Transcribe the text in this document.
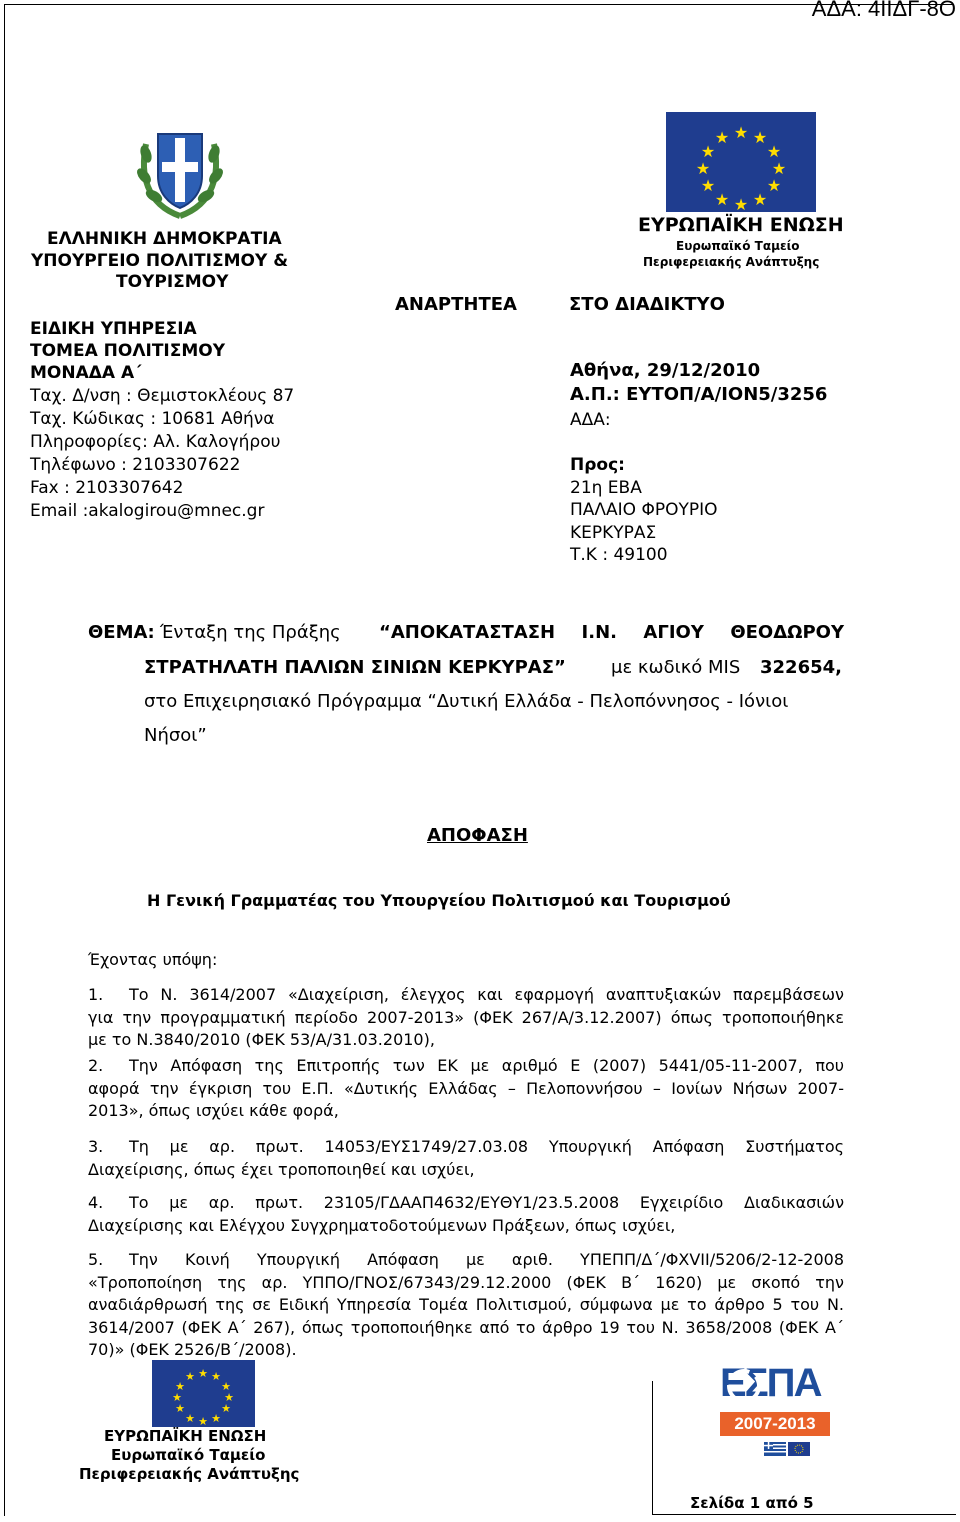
ΑΔΑ: 4ΙΙΔΓ-8Ο
ΕΛΛΗΝΙΚΗ ΔΗΜΟΚΡΑΤΙΑ
ΥΠΟΥΡΓΕΙΟ ΠΟΛΙΤΙΣΜΟΥ &
ΤΟΥΡΙΣΜΟΥ
ΕΙΔΙΚΗ ΥΠΗΡΕΣΙΑ
ΤΟΜΕΑ ΠΟΛΙΤΙΣΜΟΥ
ΜΟΝΑΔΑ Α΄
Ταχ. Δ/νση : Θεμιστοκλέους 87
Ταχ. Κώδικας : 10681 Αθήνα
Πληροφορίες: Αλ. Καλογήρου
Τηλέφωνο : 2103307622
Fax : 2103307642
Email :akalogirou@mnec.gr
★ ★
★
★
★
★
★
★
★
★
★
★
ΕΥΡΩΠΑΪΚΗ ΕΝΩΣΗ
Ευρωπαϊκό Ταμείο
Περιφερειακής Ανάπτυξης
ΑΝΑΡΤΗΤΕΑ	ΣΤΟ ΔΙΑΔΙΚΤΥΟ
Αθήνα, 29/12/2010
Α.Π.: ΕΥΤΟΠ/Α/ΙΟΝ5/3256
ΑΔΑ:
Προς:
21η ΕΒΑ
ΠΑΛΑΙΟ ΦΡΟΥΡΙΟ
ΚΕΡΚΥΡΑΣ
Τ.Κ : 49100
ΘΕΜΑ: Ένταξη της Πράξης “ΑΠΟΚΑΤΑΣΤΑΣΗ Ι.Ν. ΑΓΙΟΥ ΘΕΟΔΩΡΟΥ
ΣΤΡΑΤΗΛΑΤΗ ΠΑΛΙΩΝ ΣΙΝΙΩΝ ΚΕΡΚΥΡΑΣ”	με κωδικό MIS 322654,
στο Επιχειρησιακό Πρόγραμμα “Δυτική Ελλάδα - Πελοπόννησος - Ιόνιοι
Νήσοι”
ΑΠΟΦΑΣΗ
Η Γενική Γραμματέας του Υπουργείου Πολιτισμού και Τουρισμού
Έχοντας υπόψη:
1. Το Ν. 3614/2007 «Διαχείριση, έλεγχος και εφαρμογή αναπτυξιακών παρεμβάσεων
για την προγραμματική περίοδο 2007-2013» (ΦΕΚ 267/Α/3.12.2007) όπως τροποποιήθηκε
με το Ν.3840/2010 (ΦΕΚ 53/Α/31.03.2010),
2. Την Απόφαση της Επιτροπής των ΕΚ με αριθμό Ε (2007) 5441/05-11-2007, που
αφορά την έγκριση του Ε.Π. «Δυτικής Ελλάδας – Πελοποννήσου – Ιονίων Νήσων 2007-
2013», όπως ισχύει κάθε φορά,
3. Τη με αρ. πρωτ. 14053/ΕΥΣ1749/27.03.08 Υπουργική Απόφαση Συστήματος
Διαχείρισης, όπως έχει τροποποιηθεί και ισχύει,
4. Το με αρ. πρωτ. 23105/ΓΔΑΑΠ4632/ΕΥΘΥ1/23.5.2008 Εγχειρίδιο Διαδικασιών
Διαχείρισης και Ελέγχου Συγχρηματοδοτούμενων Πράξεων, όπως ισχύει,
5. Την Κοινή Υπουργική Απόφαση με αριθ. ΥΠΕΠΠ/Δ΄/ΦΧVΙΙ/5206/2-12-2008
«Τροποποίηση της αρ. ΥΠΠΟ/ΓΝΟΣ/67343/29.12.2000 (ΦΕΚ Β΄ 1620) με σκοπό την
αναδιάρθρωσή της σε Ειδική Υπηρεσία Τομέα Πολιτισμού, σύμφωνα με το άρθρο 5 του Ν.
3614/2007 (ΦΕΚ Α΄ 267), όπως τροποποιήθηκε από το άρθρο 19 του Ν. 3658/2008 (ΦΕΚ Α΄
70)» (ΦΕΚ 2526/Β΄/2008).
★ ★
★
★
★
★
★
★
★
★
★
★
ΕΥΡΩΠΑΪΚΗ ΕΝΩΣΗ
Ευρωπαϊκό Ταμείο
Περιφερειακής Ανάπτυξης
ΕΣΠΑ
2007-2013
Σελίδα 1 από 5
